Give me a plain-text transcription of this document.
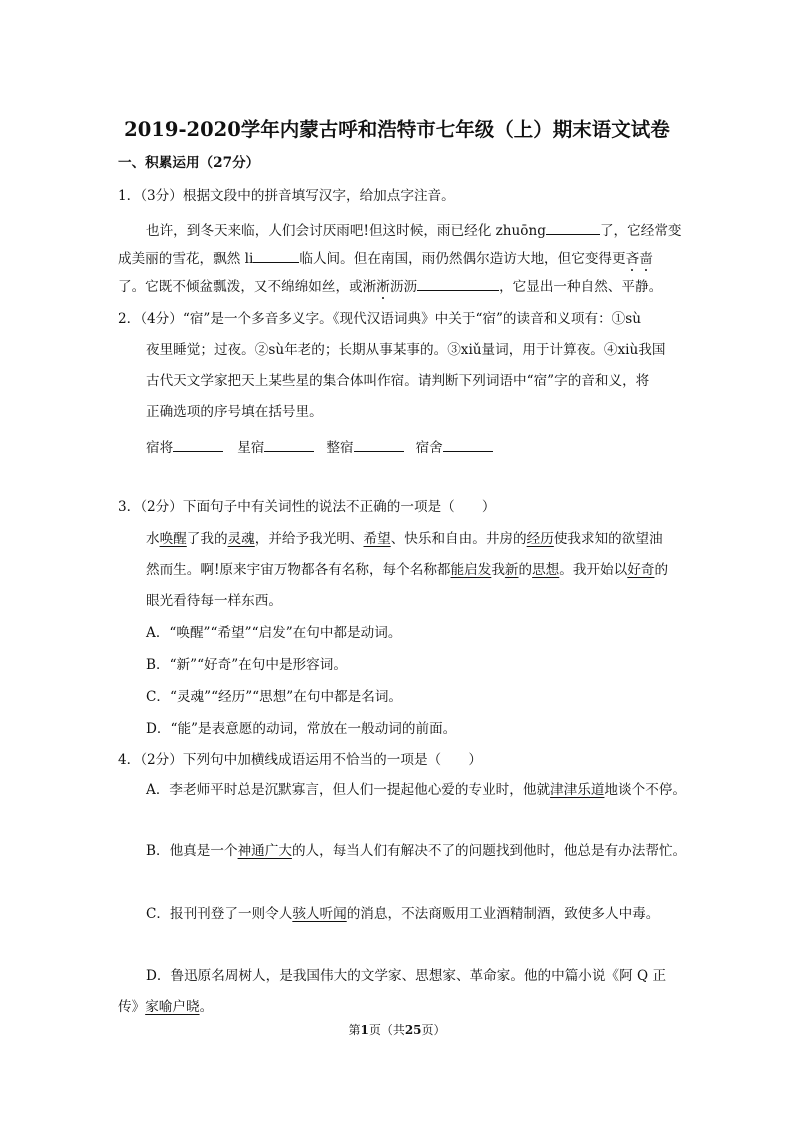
2019-2020学年内蒙古呼和浩特市七年级（上）期末语文试卷
一、积累运用（27分）
1．（3分）根据文段中的拼音填写汉字，给加点字注音。
也许，到冬天来临，人们会讨厌雨吧!但这时候，雨已经化 zhuōng	了，它经常变
成美丽的雪花，飘然 li	临人间。但在南国，雨仍然偶尔造访大地，但它变得更吝啬
了。它既不倾盆瓢泼，又不绵绵如丝，或淅淅沥沥	，它显出一种自然、平静。
2．（4分）“宿”是一个多音多义字。《现代汉语词典》中关于“宿”的读音和义项有：①sù
夜里睡觉；过夜。②sù年老的；长期从事某事的。③xiǔ量词，用于计算夜。④xiù我国
古代天文学家把天上某些星的集合体叫作宿。请判断下列词语中“宿”字的音和义，将
正确选项的序号填在括号里。
宿将	星宿	整宿	宿舍
3．（2分）下面句子中有关词性的说法不正确的一项是（　　）
水唤醒了我的灵魂，并给予我光明、希望、快乐和自由。井房的经历使我求知的欲望油
然而生。啊!原来宇宙万物都各有名称，每个名称都能启发我新的思想。我开始以好奇的
眼光看待每一样东西。
A．“唤醒”“希望”“启发”在句中都是动词。
B．“新”“好奇”在句中是形容词。
C．“灵魂”“经历”“思想”在句中都是名词。
D．“能”是表意愿的动词，常放在一般动词的前面。
4．（2分）下列句中加横线成语运用不恰当的一项是（　　）
A．李老师平时总是沉默寡言，但人们一提起他心爱的专业时，他就津津乐道地谈个不停。
B．他真是一个神通广大的人，每当人们有解决不了的问题找到他时，他总是有办法帮忙。
C．报刊刊登了一则令人骇人听闻的消息，不法商贩用工业酒精制酒，致使多人中毒。
D．鲁迅原名周树人，是我国伟大的文学家、思想家、革命家。他的中篇小说《阿 Q 正
传》家喻户晓。
第1页（共25页）
